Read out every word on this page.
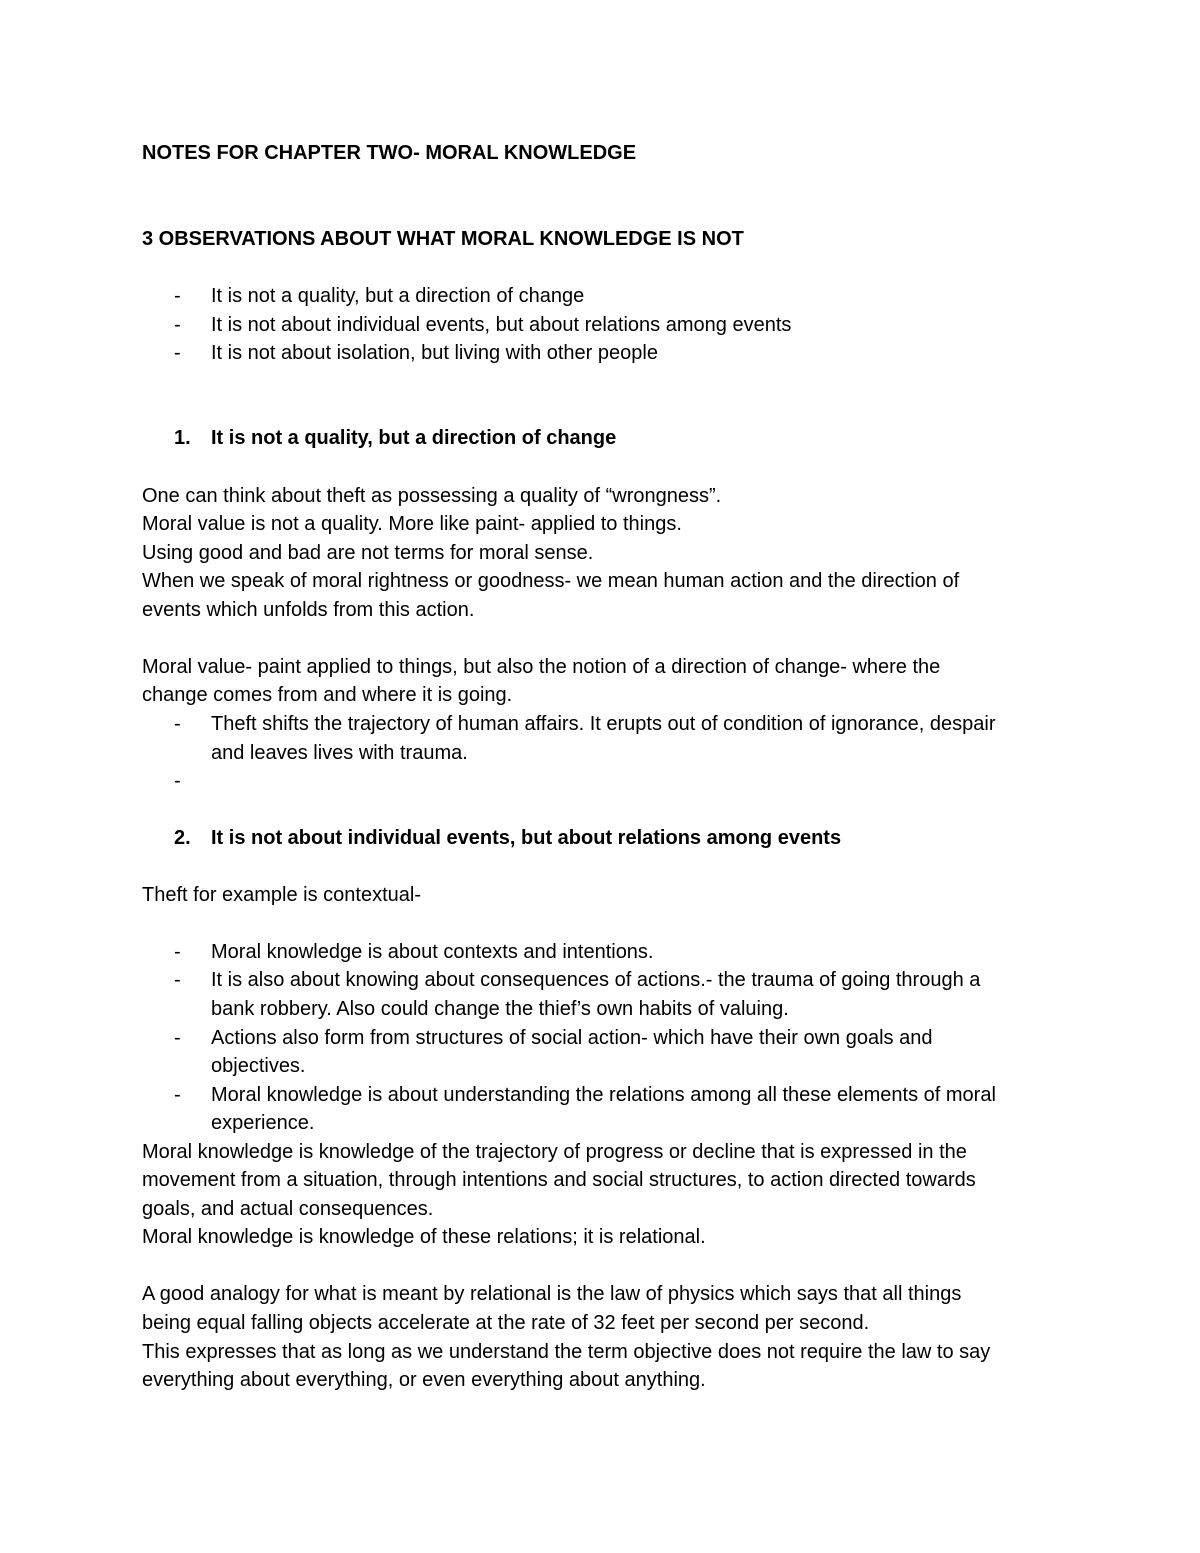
NOTES FOR CHAPTER TWO- MORAL KNOWLEDGE
3 OBSERVATIONS ABOUT WHAT MORAL KNOWLEDGE IS NOT
- It is not a quality, but a direction of change
- It is not about individual events, but about relations among events
- It is not about isolation, but living with other people
1. It is not a quality, but a direction of change
One can think about theft as possessing a quality of “wrongness”.
Moral value is not a quality. More like paint- applied to things.
Using good and bad are not terms for moral sense.
When we speak of moral rightness or goodness- we mean human action and the direction of
events which unfolds from this action.
Moral value- paint applied to things, but also the notion of a direction of change- where the
change comes from and where it is going.
- Theft shifts the trajectory of human affairs. It erupts out of condition of ignorance, despair
and leaves lives with trauma.
-
2. It is not about individual events, but about relations among events
Theft for example is contextual-
- Moral knowledge is about contexts and intentions.
- It is also about knowing about consequences of actions.- the trauma of going through a
bank robbery. Also could change the thief’s own habits of valuing.
- Actions also form from structures of social action- which have their own goals and
objectives.
- Moral knowledge is about understanding the relations among all these elements of moral
experience.
Moral knowledge is knowledge of the trajectory of progress or decline that is expressed in the
movement from a situation, through intentions and social structures, to action directed towards
goals, and actual consequences.
Moral knowledge is knowledge of these relations; it is relational.
A good analogy for what is meant by relational is the law of physics which says that all things
being equal falling objects accelerate at the rate of 32 feet per second per second.
This expresses that as long as we understand the term objective does not require the law to say
everything about everything, or even everything about anything.
